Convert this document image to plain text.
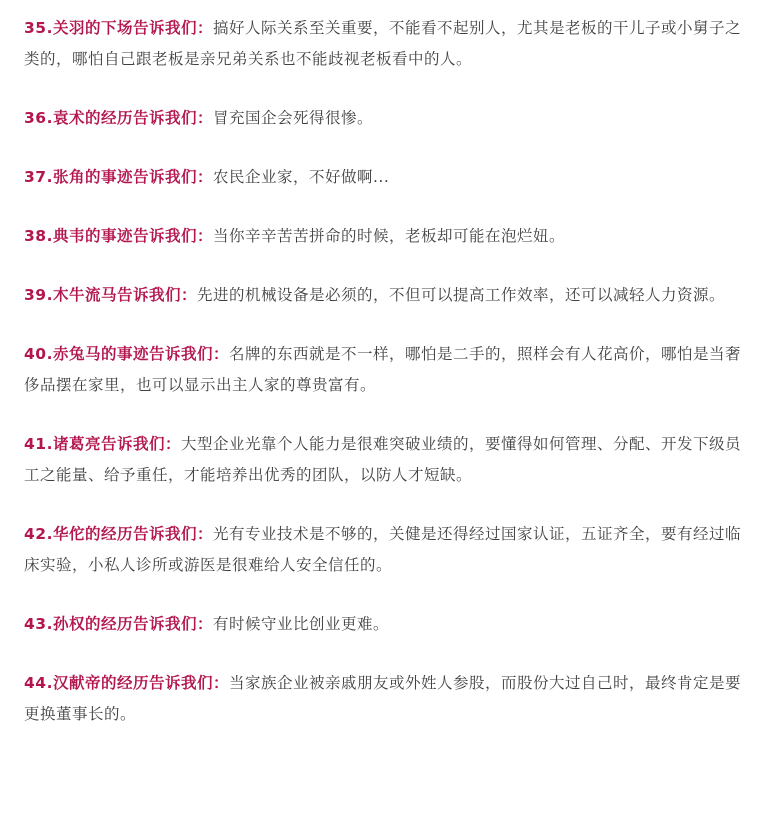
35.关羽的下场告诉我们：搞好人际关系至关重要，不能看不起别人，尤其是老板的干儿子或小舅子之类的，哪怕自己跟老板是亲兄弟关系也不能歧视老板看中的人。

36.袁术的经历告诉我们：冒充国企会死得很惨。

37.张角的事迹告诉我们：农民企业家，不好做啊...

38.典韦的事迹告诉我们：当你辛辛苦苦拼命的时候，老板却可能在泡烂妞。

39.木牛流马告诉我们：先进的机械设备是必须的，不但可以提高工作效率，还可以减轻人力资源。

40.赤兔马的事迹告诉我们：名牌的东西就是不一样，哪怕是二手的，照样会有人花高价，哪怕是当奢侈品摆在家里，也可以显示出主人家的尊贵富有。

41.诸葛亮告诉我们：大型企业光靠个人能力是很难突破业绩的，要懂得如何管理、分配、开发下级员工之能量、给予重任，才能培养出优秀的团队，以防人才短缺。

42.华佗的经历告诉我们：光有专业技术是不够的，关健是还得经过国家认证，五证齐全，要有经过临床实验，小私人诊所或游医是很难给人安全信任的。

43.孙权的经历告诉我们：有时候守业比创业更难。

44.汉献帝的经历告诉我们：当家族企业被亲戚朋友或外姓人参股，而股份大过自己时，最终肯定是要更换董事长的。
